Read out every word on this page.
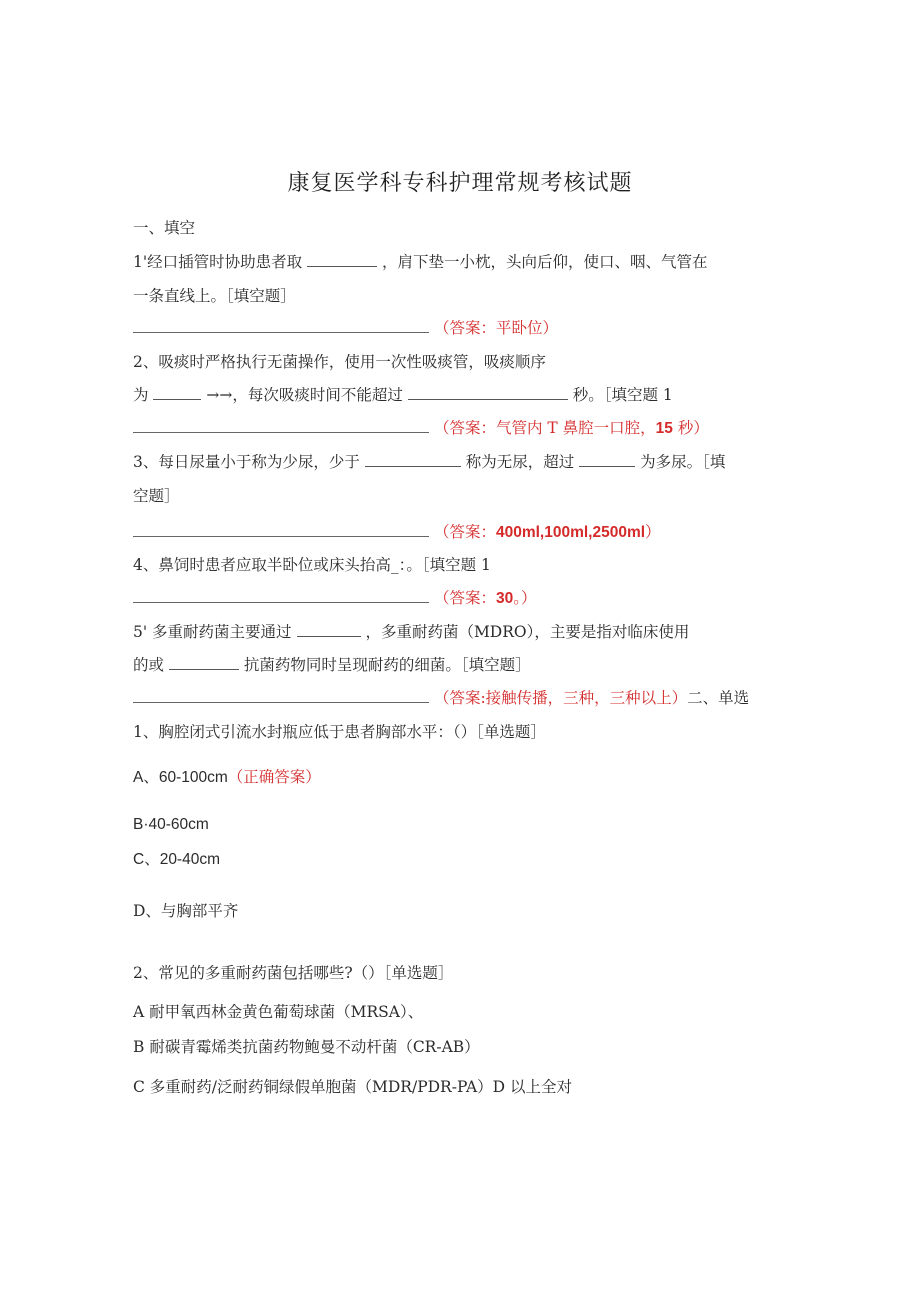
康复医学科专科护理常规考核试题
一、填空
1'经口插管时协助患者取	，肩下垫一小枕，头向后仰，使口、咽、气管在
一条直线上。［填空题］
（答案：平卧位）
2、吸痰时严格执行无菌操作，使用一次性吸痰管，吸痰顺序
为	→→，每次吸痰时间不能超过	秒。［填空题 1
（答案：气管内 T 鼻腔一口腔，15 秒）
3、每日尿量小于称为少尿，少于	称为无尿，超过	为多尿。［填
空题］
（答案：400ml,100ml,2500ml）
4、鼻饲时患者应取半卧位或床头抬高_：。［填空题 1
（答案：30。）
5' 多重耐药菌主要通过	，多重耐药菌（MDRO），主要是指对临床使用
的或	抗菌药物同时呈现耐药的细菌。［填空题］
（答案:接触传播，三种，三种以上）二、单选
1、胸腔闭式引流水封瓶应低于患者胸部水平：（）［单选题］
A、60-100cm（正确答案）
B·40-60cm
C、20-40cm
D、与胸部平齐
2、常见的多重耐药菌包括哪些?（）［单选题］
A 耐甲氧西林金黄色葡萄球菌（MRSA）、
B 耐碳青霉烯类抗菌药物鲍曼不动杆菌（CR-AB）
C 多重耐药/泛耐药铜绿假单胞菌（MDR/PDR-PA）D 以上全对
